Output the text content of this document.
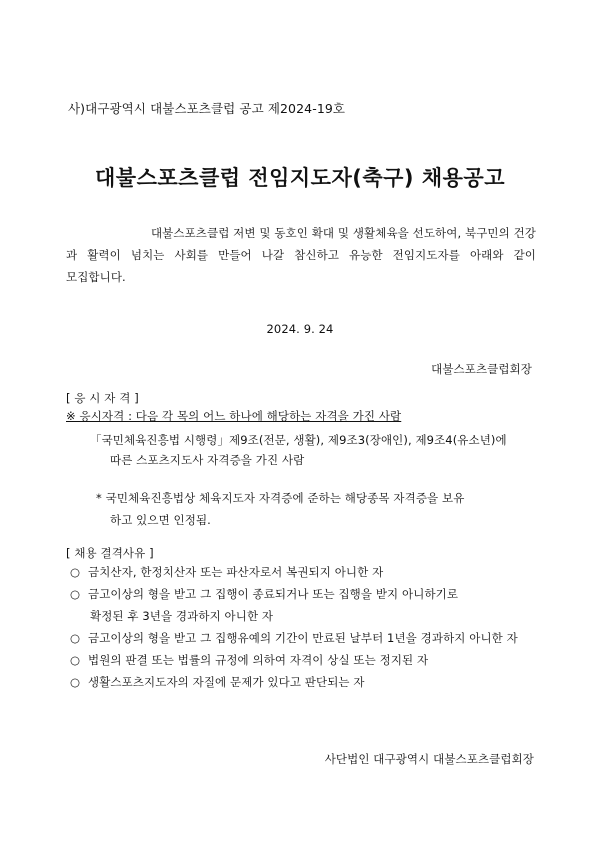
사)대구광역시 대불스포츠클럽 공고 제2024-19호
대불스포츠클럽 전임지도자(축구) 채용공고
대불스포츠클럽 저변 및 동호인 확대 및 생활체육을 선도하여, 북구민의 건강
과 활력이 넘치는 사회를 만들어 나갈 참신하고 유능한 전임지도자를 아래와 같이
모집합니다.
2024. 9. 24
대불스포츠클럽회장
[ 응 시 자 격 ]
※ 응시자격 : 다음 각 목의 어느 하나에 해당하는 자격을 가진 사람
「국민체육진흥법 시행령」제9조(전문, 생활), 제9조3(장애인), 제9조4(유소년)에
따른 스포츠지도사 자격증을 가진 사람
* 국민체육진흥법상 체육지도자 자격증에 준하는 해당종목 자격증을 보유
하고 있으면 인정됨.
[ 채용 결격사유 ]
○ 금치산자, 한정치산자 또는 파산자로서 복권되지 아니한 자
○ 금고이상의 형을 받고 그 집행이 종료되거나 또는 집행을 받지 아니하기로
확정된 후 3년을 경과하지 아니한 자
○ 금고이상의 형을 받고 그 집행유예의 기간이 만료된 날부터 1년을 경과하지 아니한 자
○ 법원의 판결 또는 법률의 규정에 의하여 자격이 상실 또는 정지된 자
○ 생활스포츠지도자의 자질에 문제가 있다고 판단되는 자
사단법인 대구광역시 대불스포츠클럽회장
